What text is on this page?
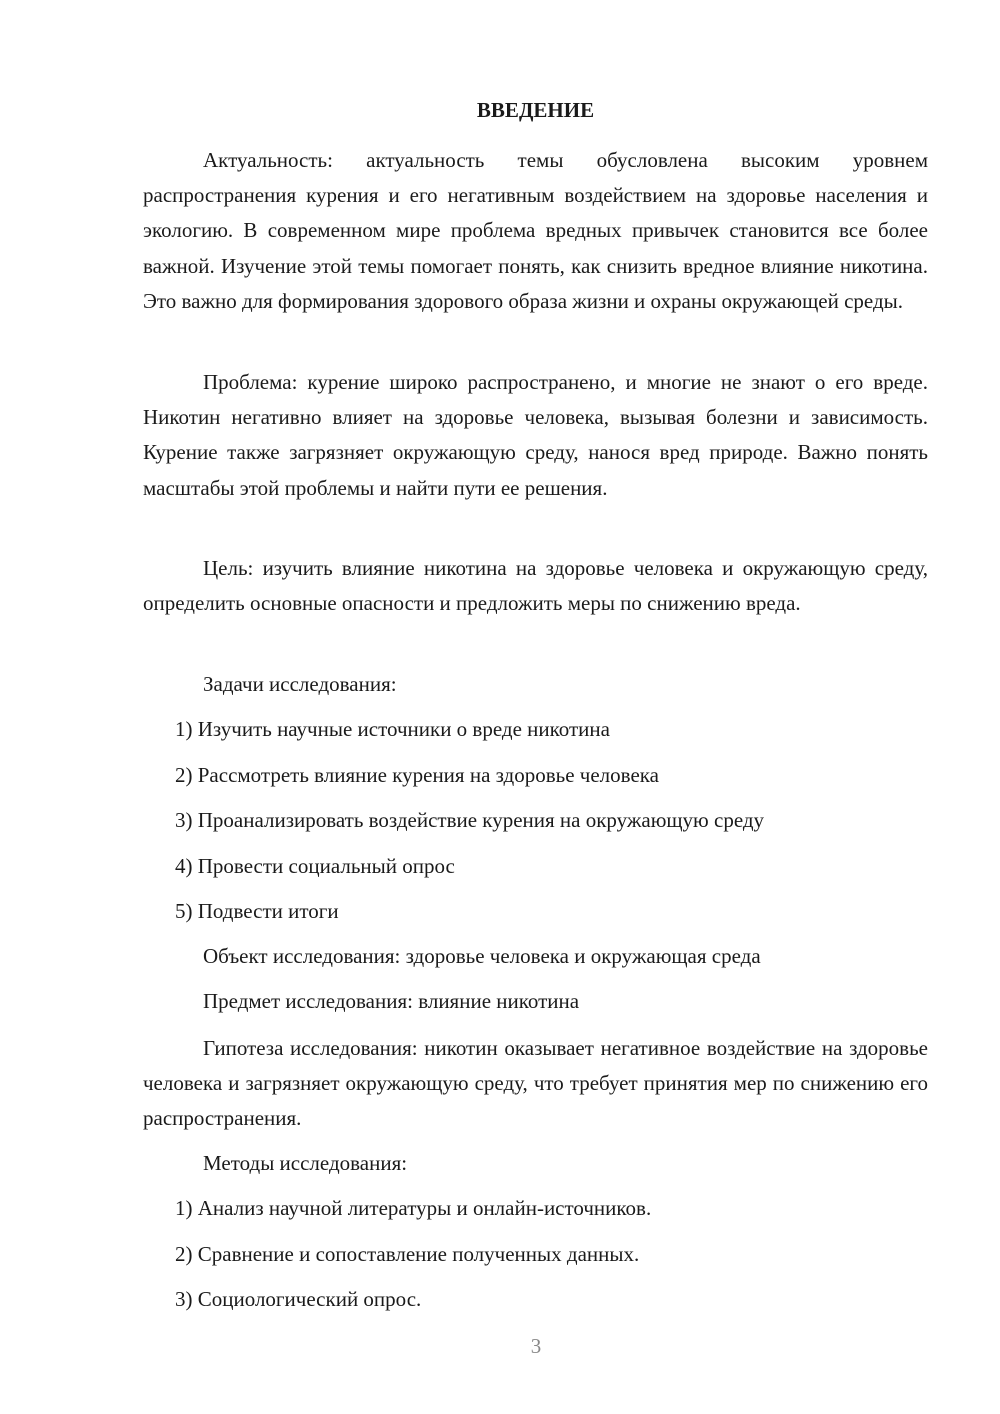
ВВЕДЕНИЕ

Актуальность: актуальность темы обусловлена высоким уровнем распространения курения и его негативным воздействием на здоровье населения и экологию. В современном мире проблема вредных привычек становится все более важной. Изучение этой темы помогает понять, как снизить вредное влияние никотина. Это важно для формирования здорового образа жизни и охраны окружающей среды.

Проблема: курение широко распространено, и многие не знают о его вреде. Никотин негативно влияет на здоровье человека, вызывая болезни и зависимость. Курение также загрязняет окружающую среду, нанося вред природе. Важно понять масштабы этой проблемы и найти пути ее решения.

Цель: изучить влияние никотина на здоровье человека и окружающую среду, определить основные опасности и предложить меры по снижению вреда.

Задачи исследования:

1) Изучить научные источники о вреде никотина

2) Рассмотреть влияние курения на здоровье человека

3) Проанализировать воздействие курения на окружающую среду

4) Провести социальный опрос

5) Подвести итоги

Объект исследования: здоровье человека и окружающая среда

Предмет исследования: влияние никотина

Гипотеза исследования: никотин оказывает негативное воздействие на здоровье человека и загрязняет окружающую среду, что требует принятия мер по снижению его распространения.

Методы исследования:

1) Анализ научной литературы и онлайн-источников.

2) Сравнение и сопоставление полученных данных.

3) Социологический опрос.

3
